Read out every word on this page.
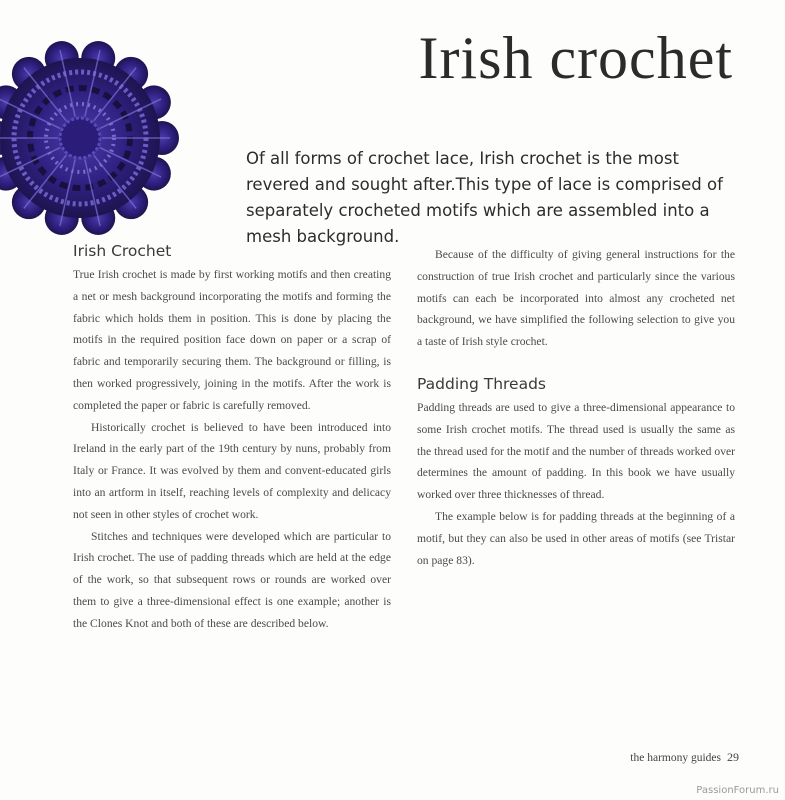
Irish crochet

Of all forms of crochet lace, Irish crochet is the most revered and sought after.This type of lace is comprised of separately crocheted motifs which are assembled into a mesh background.

Irish Crochet

True Irish crochet is made by first working motifs and then creating a net or mesh background incorporating the motifs and forming the fabric which holds them in position. This is done by placing the motifs in the required position face down on paper or a scrap of fabric and temporarily securing them. The background or filling, is then worked progressively, joining in the motifs. After the work is completed the paper or fabric is carefully removed.

Historically crochet is believed to have been introduced into Ireland in the early part of the 19th century by nuns, probably from Italy or France. It was evolved by them and convent-educated girls into an artform in itself, reaching levels of complexity and delicacy not seen in other styles of crochet work.

Stitches and techniques were developed which are particular to Irish crochet. The use of padding threads which are held at the edge of the work, so that subsequent rows or rounds are worked over them to give a three-dimensional effect is one example; another is the Clones Knot and both of these are described below.

Because of the difficulty of giving general instructions for the construction of true Irish crochet and particularly since the various motifs can each be incorporated into almost any crocheted net background, we have simplified the following selection to give you a taste of Irish style crochet.

Padding Threads

Padding threads are used to give a three-dimensional appearance to some Irish crochet motifs. The thread used is usually the same as the thread used for the motif and the number of threads worked over determines the amount of padding. In this book we have usually worked over three thicknesses of thread.

The example below is for padding threads at the beginning of a motif, but they can also be used in other areas of motifs (see Tristar on page 83).

the harmony guides 29
PassionForum.ru
